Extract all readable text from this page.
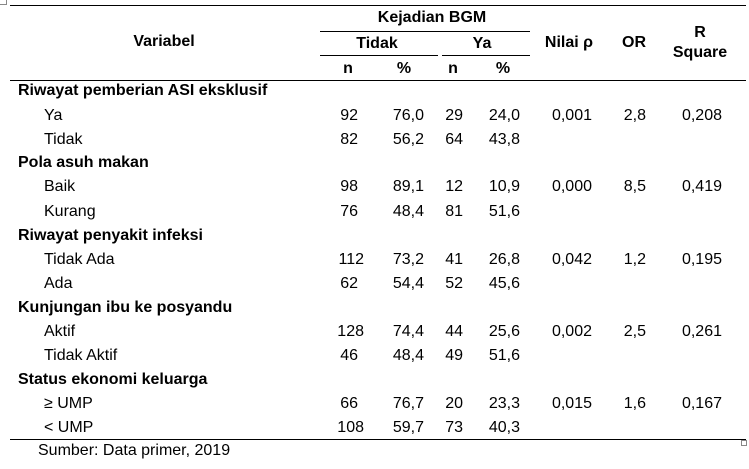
Variabel
Kejadian BGM
Tidak	Ya	Nilai ρ OR
R
Square
n	% n %
Riwayat pemberian ASI eksklusif
Ya	92 76,0 29 24,0 0,001 2,8 0,208
Tidak	82 56,2 64 43,8
Pola asuh makan
Baik	98 89,1 12 10,9 0,000 8,5 0,419
Kurang	76 48,4 81 51,6
Riwayat penyakit infeksi
Tidak Ada	112 73,2 41 26,8 0,042 1,2 0,195
Ada	62 54,4 52 45,6
Kunjungan ibu ke posyandu
Aktif	128 74,4 44 25,6 0,002 2,5 0,261
Tidak Aktif	46 48,4 49 51,6
Status ekonomi keluarga
≥ UMP	66 76,7 20 23,3 0,015 1,6 0,167
< UMP	108 59,7 73 40,3
Sumber: Data primer, 2019
